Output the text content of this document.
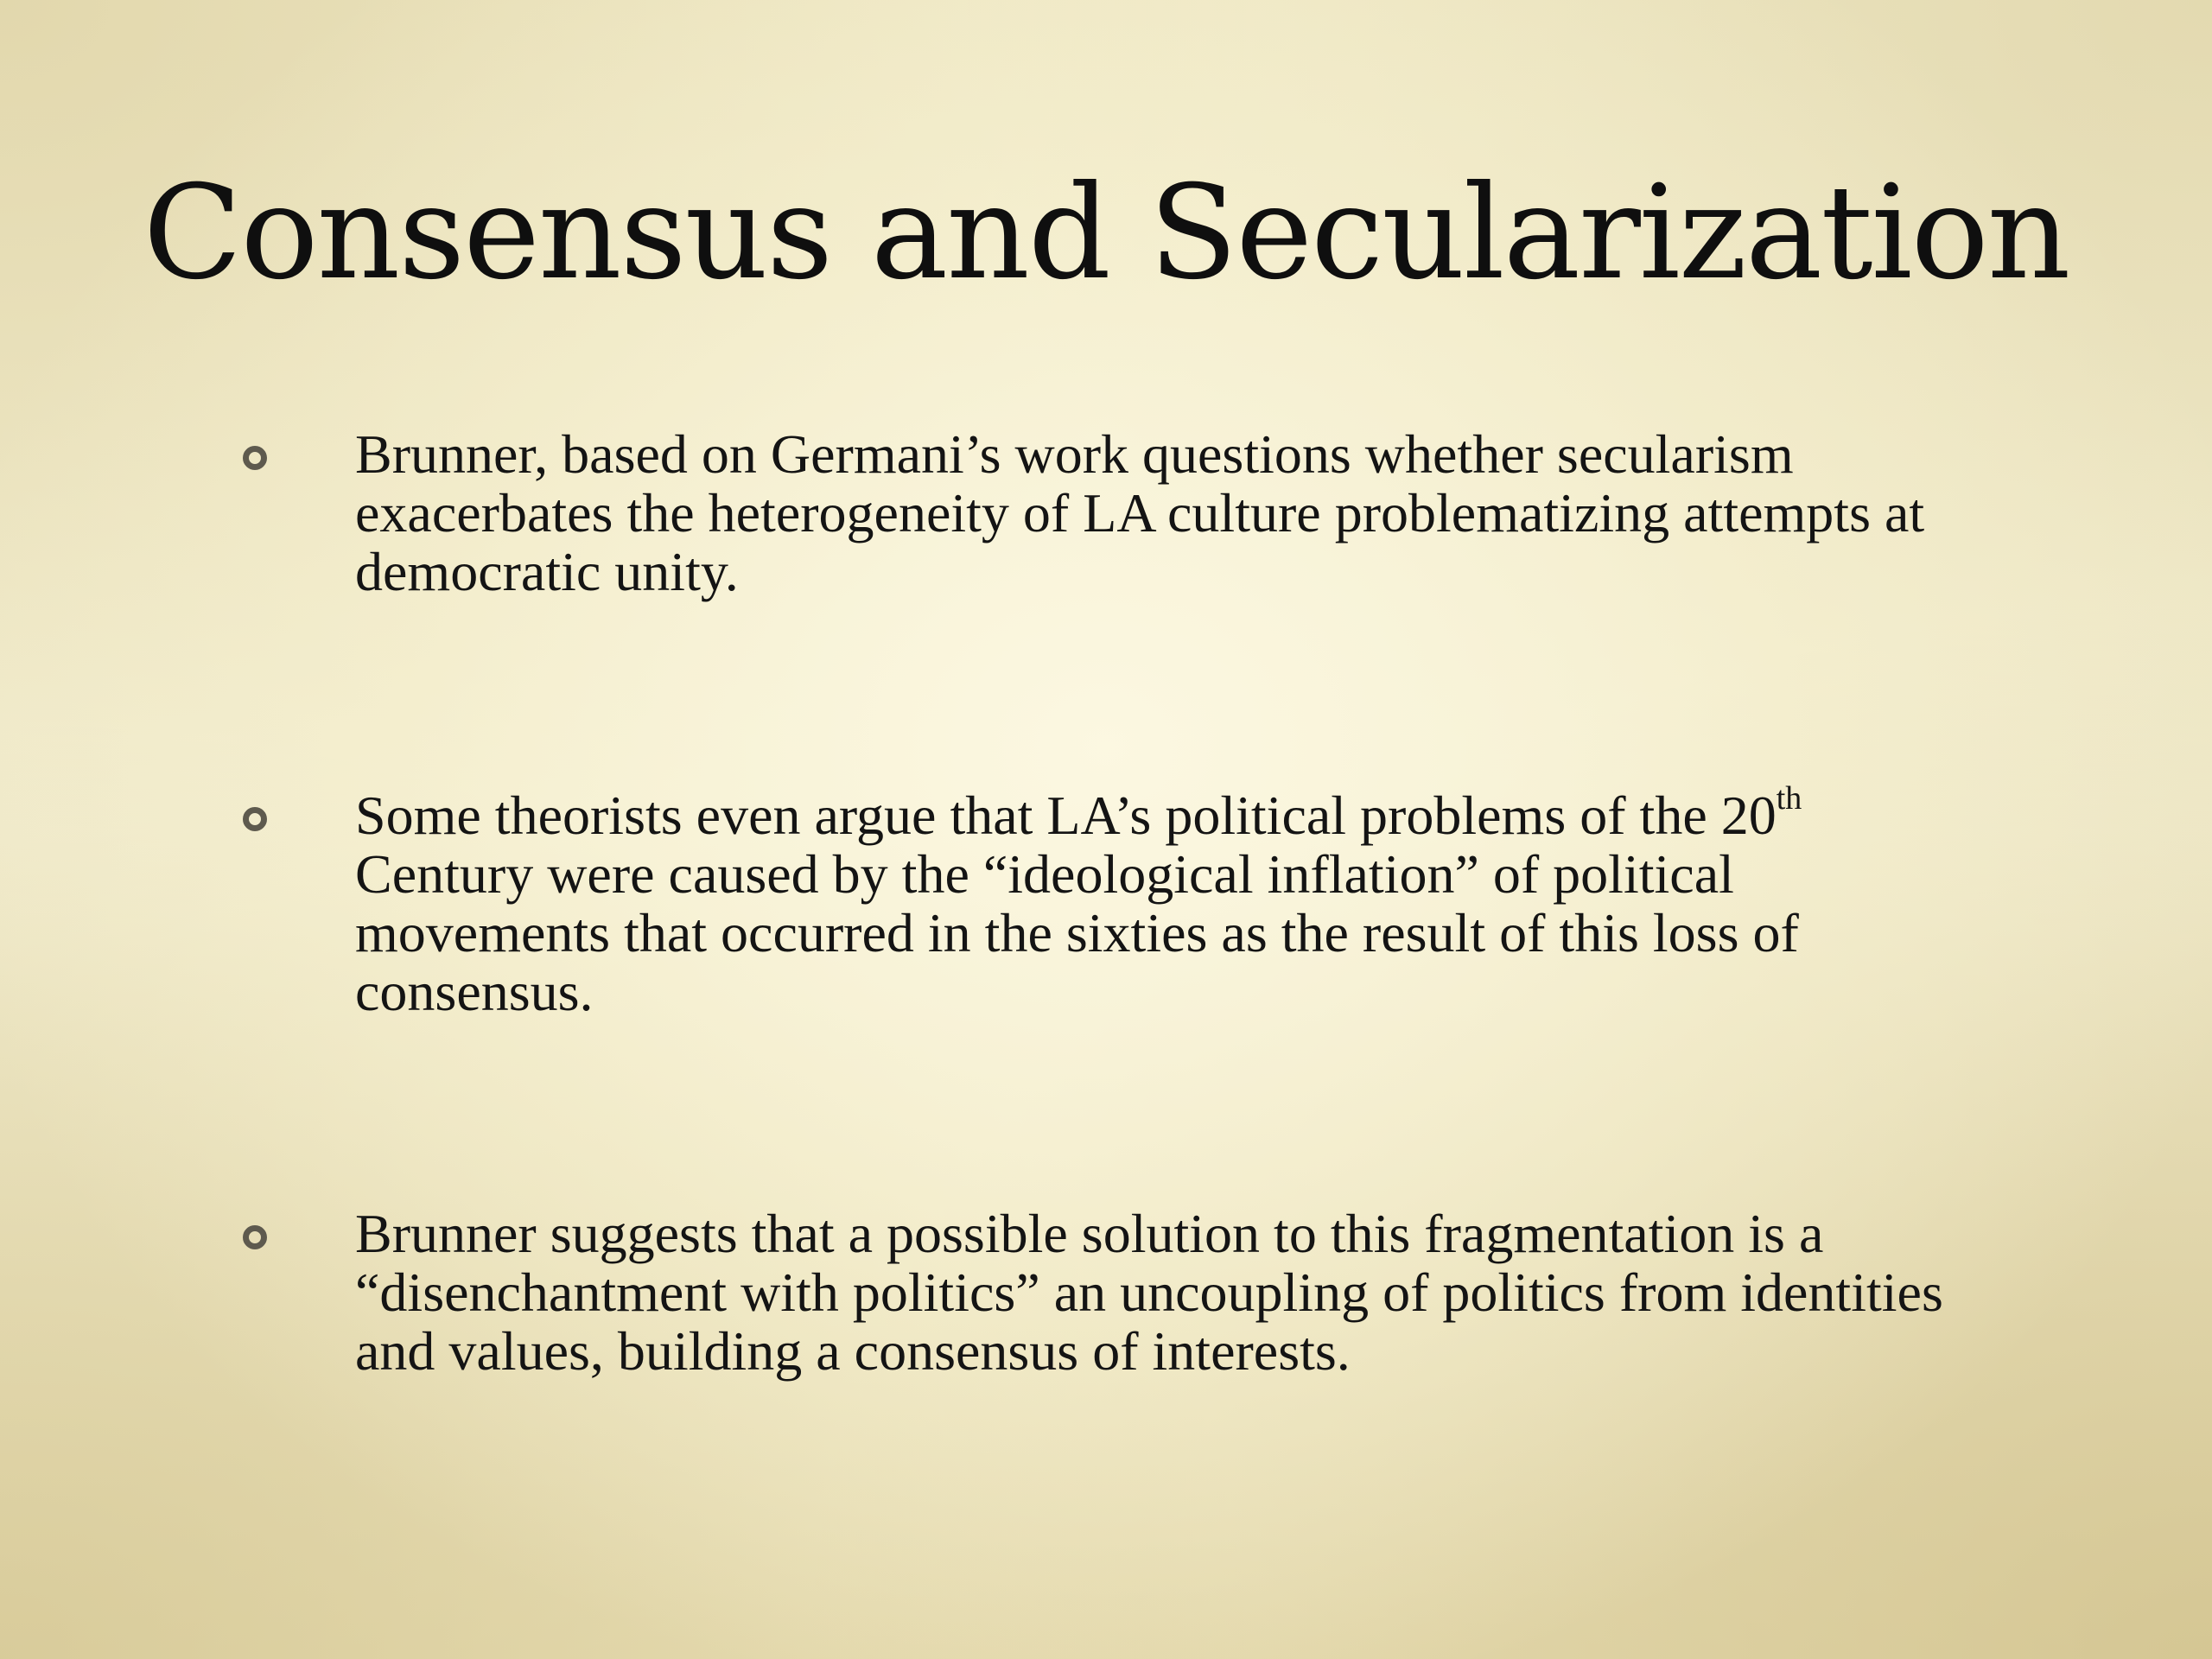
Consensus and Secularization
Brunner, based on Germani’s work questions whether secularism exacerbates the heterogeneity of LA culture problematizing attempts at democratic unity.
Some theorists even argue that LA’s political problems of the 20th Century were caused by the “ideological inflation” of political movements that occurred in the sixties as the result of this loss of consensus.
Brunner suggests that a possible solution to this fragmentation is a “disenchantment with politics” an uncoupling of politics from identities and values, building a consensus of interests.
